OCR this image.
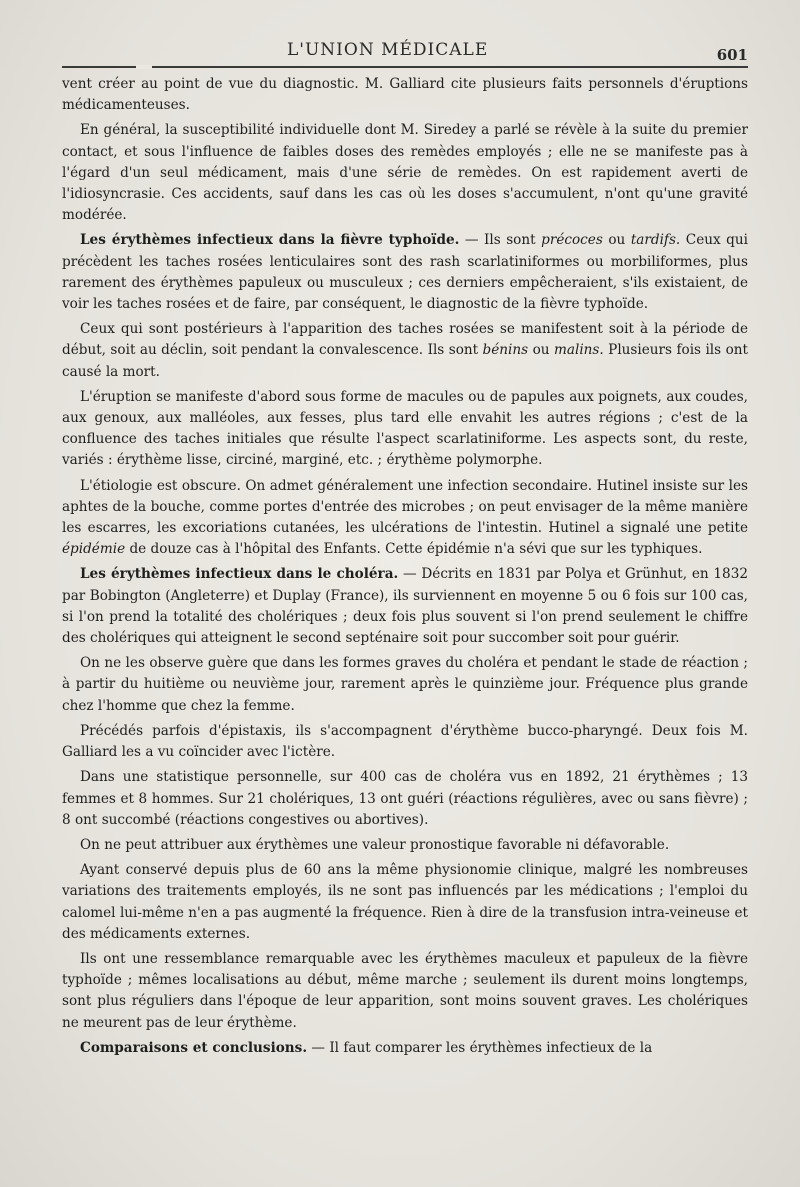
L'UNION MÉDICALE	601

vent créer au point de vue du diagnostic. M. Galliard cite plusieurs faits personnels d'éruptions médicamenteuses.

En général, la susceptibilité individuelle dont M. Siredey a parlé se révèle à la suite du premier contact, et sous l'influence de faibles doses des remèdes employés ; elle ne se manifeste pas à l'égard d'un seul médicament, mais d'une série de remèdes. On est rapidement averti de l'idiosyncrasie. Ces accidents, sauf dans les cas où les doses s'accumulent, n'ont qu'une gravité modérée.

Les érythèmes infectieux dans la fièvre typhoïde. — Ils sont précoces ou tardifs. Ceux qui précèdent les taches rosées lenticulaires sont des rash scarlatiniformes ou morbiliformes, plus rarement des érythèmes papuleux ou musculeux ; ces derniers empêcheraient, s'ils existaient, de voir les taches rosées et de faire, par conséquent, le diagnostic de la fièvre typhoïde.

Ceux qui sont postérieurs à l'apparition des taches rosées se manifestent soit à la période de début, soit au déclin, soit pendant la convalescence. Ils sont bénins ou malins. Plusieurs fois ils ont causé la mort.

L'éruption se manifeste d'abord sous forme de macules ou de papules aux poignets, aux coudes, aux genoux, aux malléoles, aux fesses, plus tard elle envahit les autres régions ; c'est de la confluence des taches initiales que résulte l'aspect scarlatiniforme. Les aspects sont, du reste, variés : érythème lisse, circiné, marginé, etc. ; érythème polymorphe.

L'étiologie est obscure. On admet généralement une infection secondaire. Hutinel insiste sur les aphtes de la bouche, comme portes d'entrée des microbes ; on peut envisager de la même manière les escarres, les excoriations cutanées, les ulcérations de l'intestin. Hutinel a signalé une petite épidémie de douze cas à l'hôpital des Enfants. Cette épidémie n'a sévi que sur les typhiques.

Les érythèmes infectieux dans le choléra. — Décrits en 1831 par Polya et Grünhut, en 1832 par Bobington (Angleterre) et Duplay (France), ils surviennent en moyenne 5 ou 6 fois sur 100 cas, si l'on prend la totalité des cholériques ; deux fois plus souvent si l'on prend seulement le chiffre des cholériques qui atteignent le second septénaire soit pour succomber soit pour guérir.

On ne les observe guère que dans les formes graves du choléra et pendant le stade de réaction ; à partir du huitième ou neuvième jour, rarement après le quinzième jour. Fréquence plus grande chez l'homme que chez la femme.

Précédés parfois d'épistaxis, ils s'accompagnent d'érythème bucco-pharyngé. Deux fois M. Galliard les a vu coïncider avec l'ictère.

Dans une statistique personnelle, sur 400 cas de choléra vus en 1892, 21 érythèmes ; 13 femmes et 8 hommes. Sur 21 cholériques, 13 ont guéri (réactions régulières, avec ou sans fièvre) ; 8 ont succombé (réactions congestives ou abortives).

On ne peut attribuer aux érythèmes une valeur pronostique favorable ni défavorable.

Ayant conservé depuis plus de 60 ans la même physionomie clinique, malgré les nombreuses variations des traitements employés, ils ne sont pas influencés par les médications ; l'emploi du calomel lui-même n'en a pas augmenté la fréquence. Rien à dire de la transfusion intra-veineuse et des médicaments externes.

Ils ont une ressemblance remarquable avec les érythèmes maculeux et papuleux de la fièvre typhoïde ; mêmes localisations au début, même marche ; seulement ils durent moins longtemps, sont plus réguliers dans l'époque de leur apparition, sont moins souvent graves. Les cholériques ne meurent pas de leur érythème.

Comparaisons et conclusions. — Il faut comparer les érythèmes infectieux de la
